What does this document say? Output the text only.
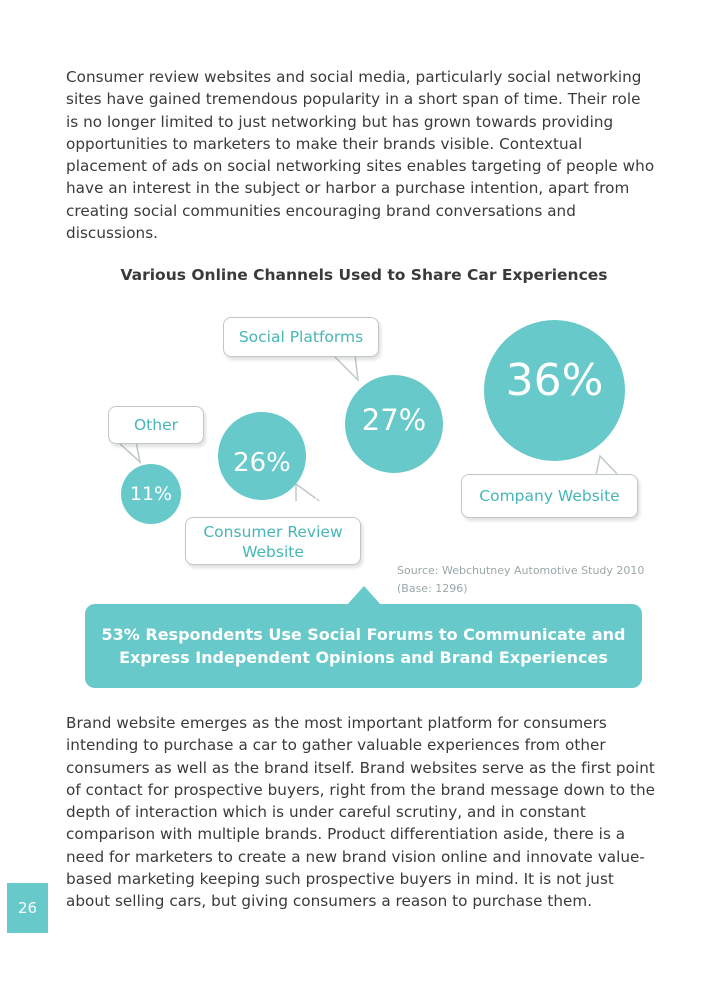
Consumer review websites and social media, particularly social networking sites have gained tremendous popularity in a short span of time. Their role is no longer limited to just networking but has grown towards providing opportunities to marketers to make their brands visible. Contextual placement of ads on social networking sites enables targeting of people who have an interest in the subject or harbor a purchase intention, apart from creating social communities encouraging brand conversations and discussions.

Various Online Channels Used to Share Car Experiences
11%
26%
27%
36%
Other
Consumer Review
Website
Social Platforms
Company Website
Source: Webchutney Automotive Study 2010
(Base: 1296)
53% Respondents Use Social Forums to Communicate and
Express Independent Opinions and Brand Experiences

Brand website emerges as the most important platform for consumers intending to purchase a car to gather valuable experiences from other consumers as well as the brand itself. Brand websites serve as the first point of contact for prospective buyers, right from the brand message down to the depth of interaction which is under careful scrutiny, and in constant comparison with multiple brands. Product differentiation aside, there is a need for marketers to create a new brand vision online and innovate value-based marketing keeping such prospective buyers in mind. It is not just about selling cars, but giving consumers a reason to purchase them.

26
